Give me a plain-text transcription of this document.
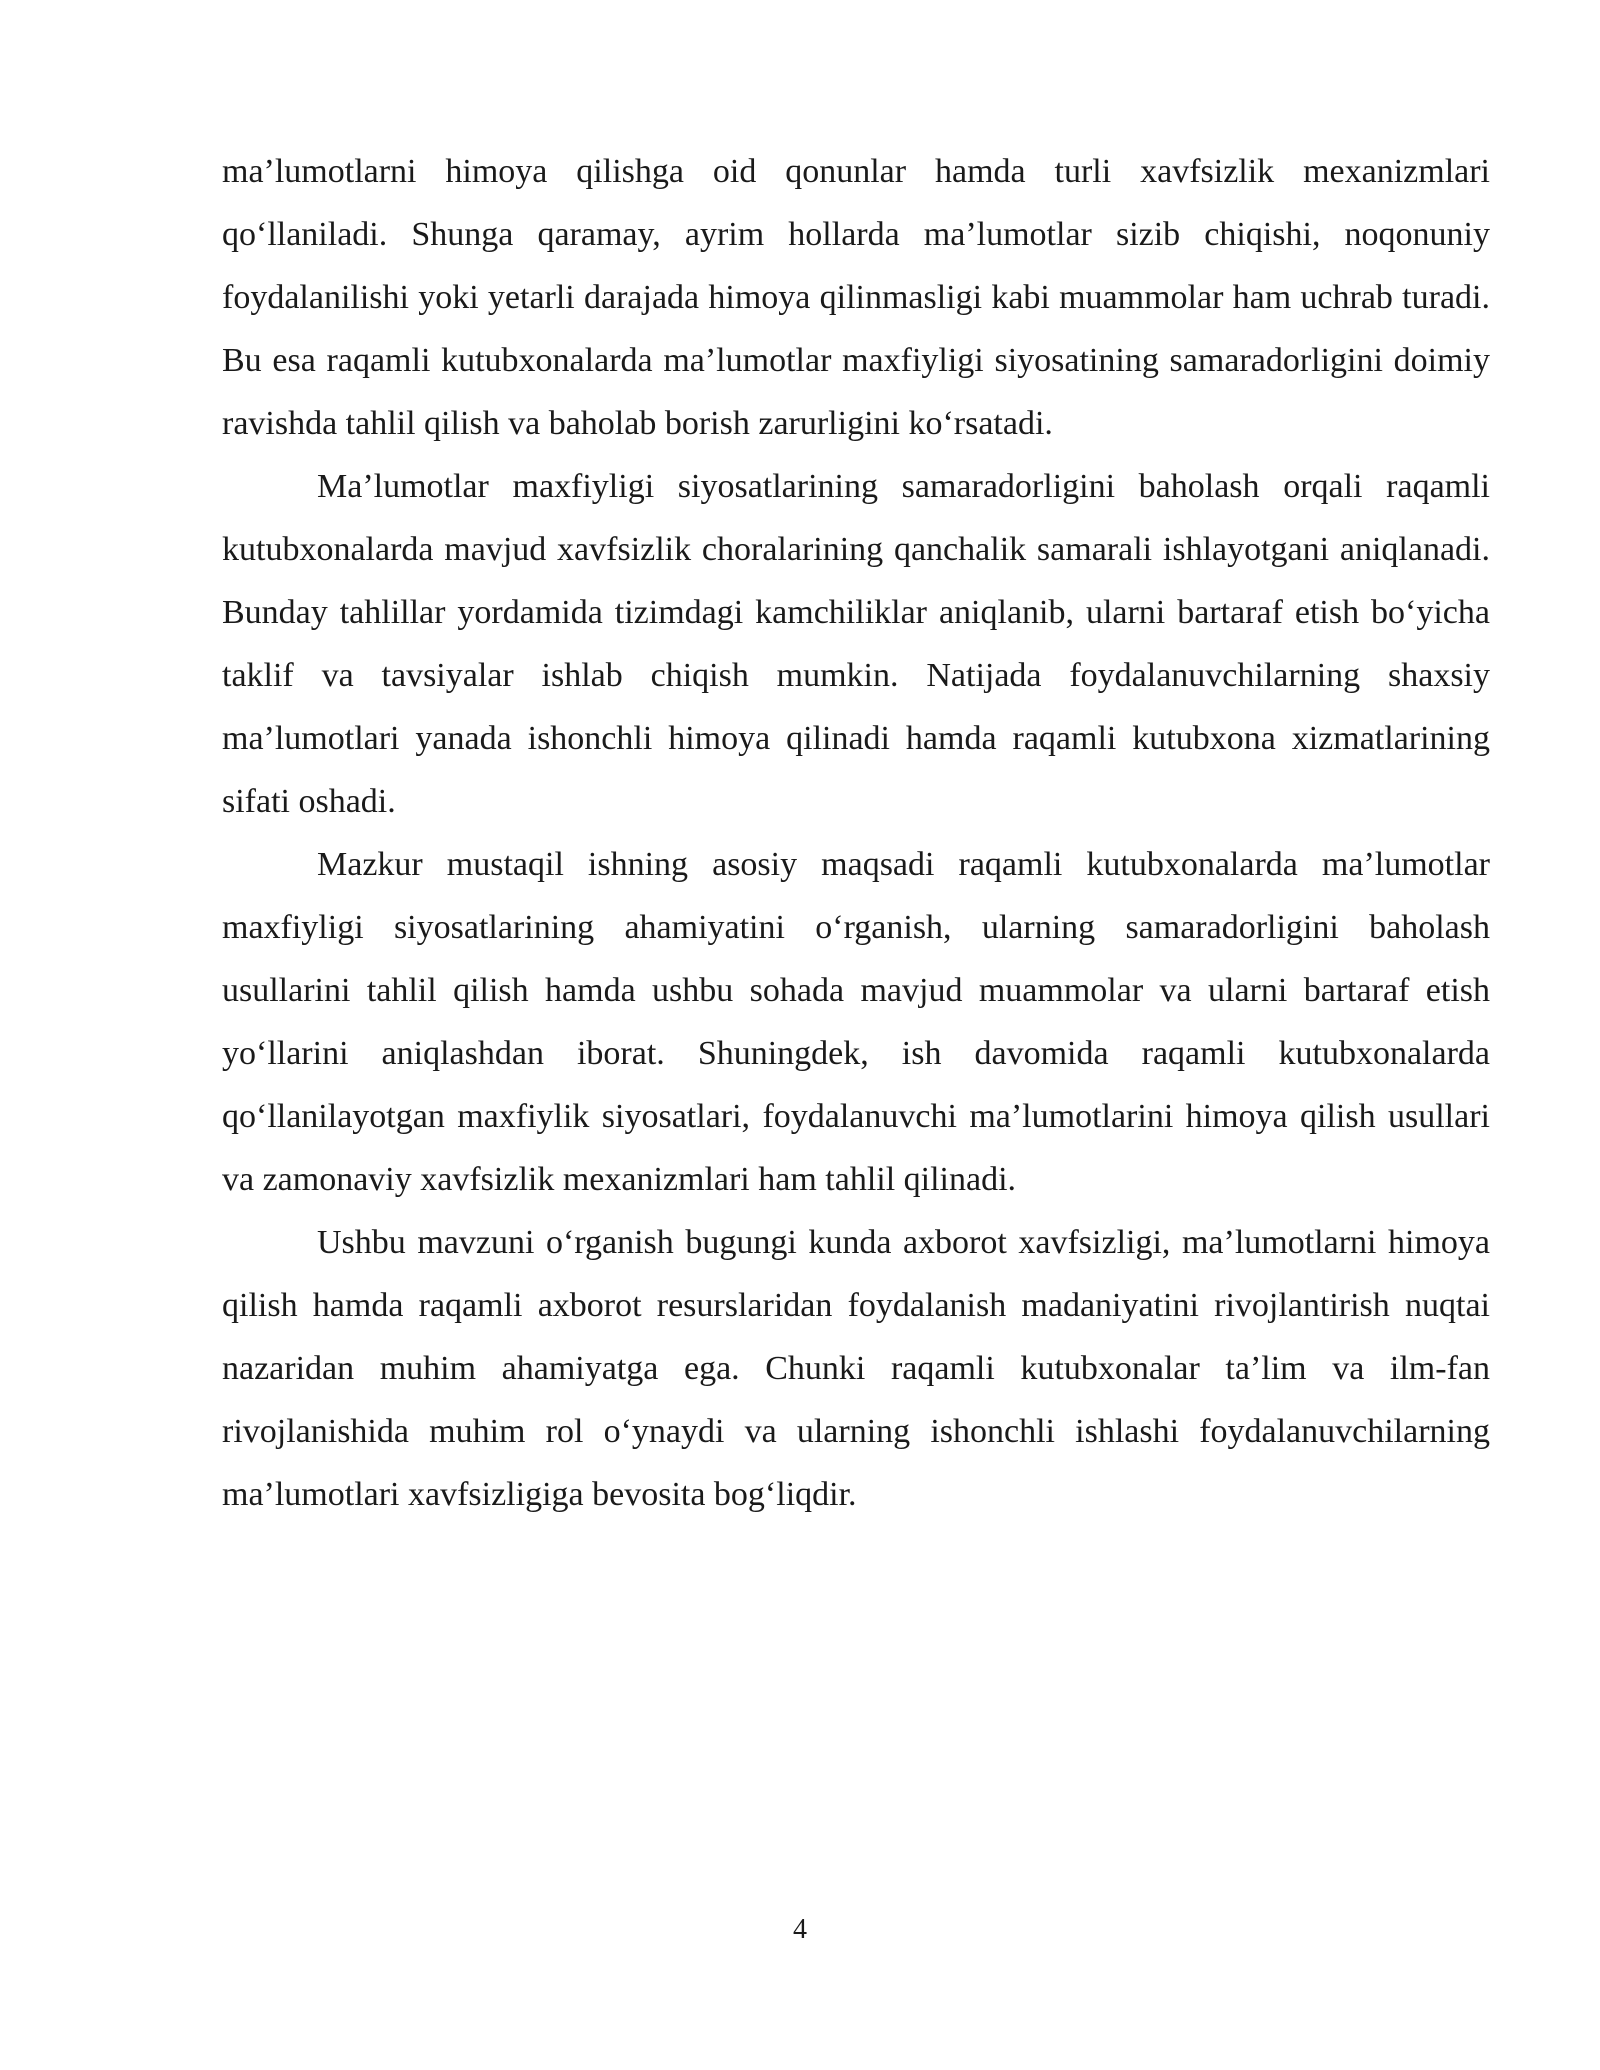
ma’lumotlarni himoya qilishga oid qonunlar hamda turli xavfsizlik mexanizmlari qo‘llaniladi. Shunga qaramay, ayrim hollarda ma’lumotlar sizib chiqishi, noqonuniy foydalanilishi yoki yetarli darajada himoya qilinmasligi kabi muammolar ham uchrab turadi. Bu esa raqamli kutubxonalarda ma’lumotlar maxfiyligi siyosatining samaradorligini doimiy ravishda tahlil qilish va baholab borish zarurligini ko‘rsatadi.

Ma’lumotlar maxfiyligi siyosatlarining samaradorligini baholash orqali raqamli kutubxonalarda mavjud xavfsizlik choralarining qanchalik samarali ishlayotgani aniqlanadi. Bunday tahlillar yordamida tizimdagi kamchiliklar aniqlanib, ularni bartaraf etish bo‘yicha taklif va tavsiyalar ishlab chiqish mumkin. Natijada foydalanuvchilarning shaxsiy ma’lumotlari yanada ishonchli himoya qilinadi hamda raqamli kutubxona xizmatlarining sifati oshadi.

Mazkur mustaqil ishning asosiy maqsadi raqamli kutubxonalarda ma’lumotlar maxfiyligi siyosatlarining ahamiyatini o‘rganish, ularning samaradorligini baholash usullarini tahlil qilish hamda ushbu sohada mavjud muammolar va ularni bartaraf etish yo‘llarini aniqlashdan iborat. Shuningdek, ish davomida raqamli kutubxonalarda qo‘llanilayotgan maxfiylik siyosatlari, foydalanuvchi ma’lumotlarini himoya qilish usullari va zamonaviy xavfsizlik mexanizmlari ham tahlil qilinadi.

Ushbu mavzuni o‘rganish bugungi kunda axborot xavfsizligi, ma’lumotlarni himoya qilish hamda raqamli axborot resurslaridan foydalanish madaniyatini rivojlantirish nuqtai nazaridan muhim ahamiyatga ega. Chunki raqamli kutubxonalar ta’lim va ilm-fan rivojlanishida muhim rol o‘ynaydi va ularning ishonchli ishlashi foydalanuvchilarning ma’lumotlari xavfsizligiga bevosita bog‘liqdir.

4
